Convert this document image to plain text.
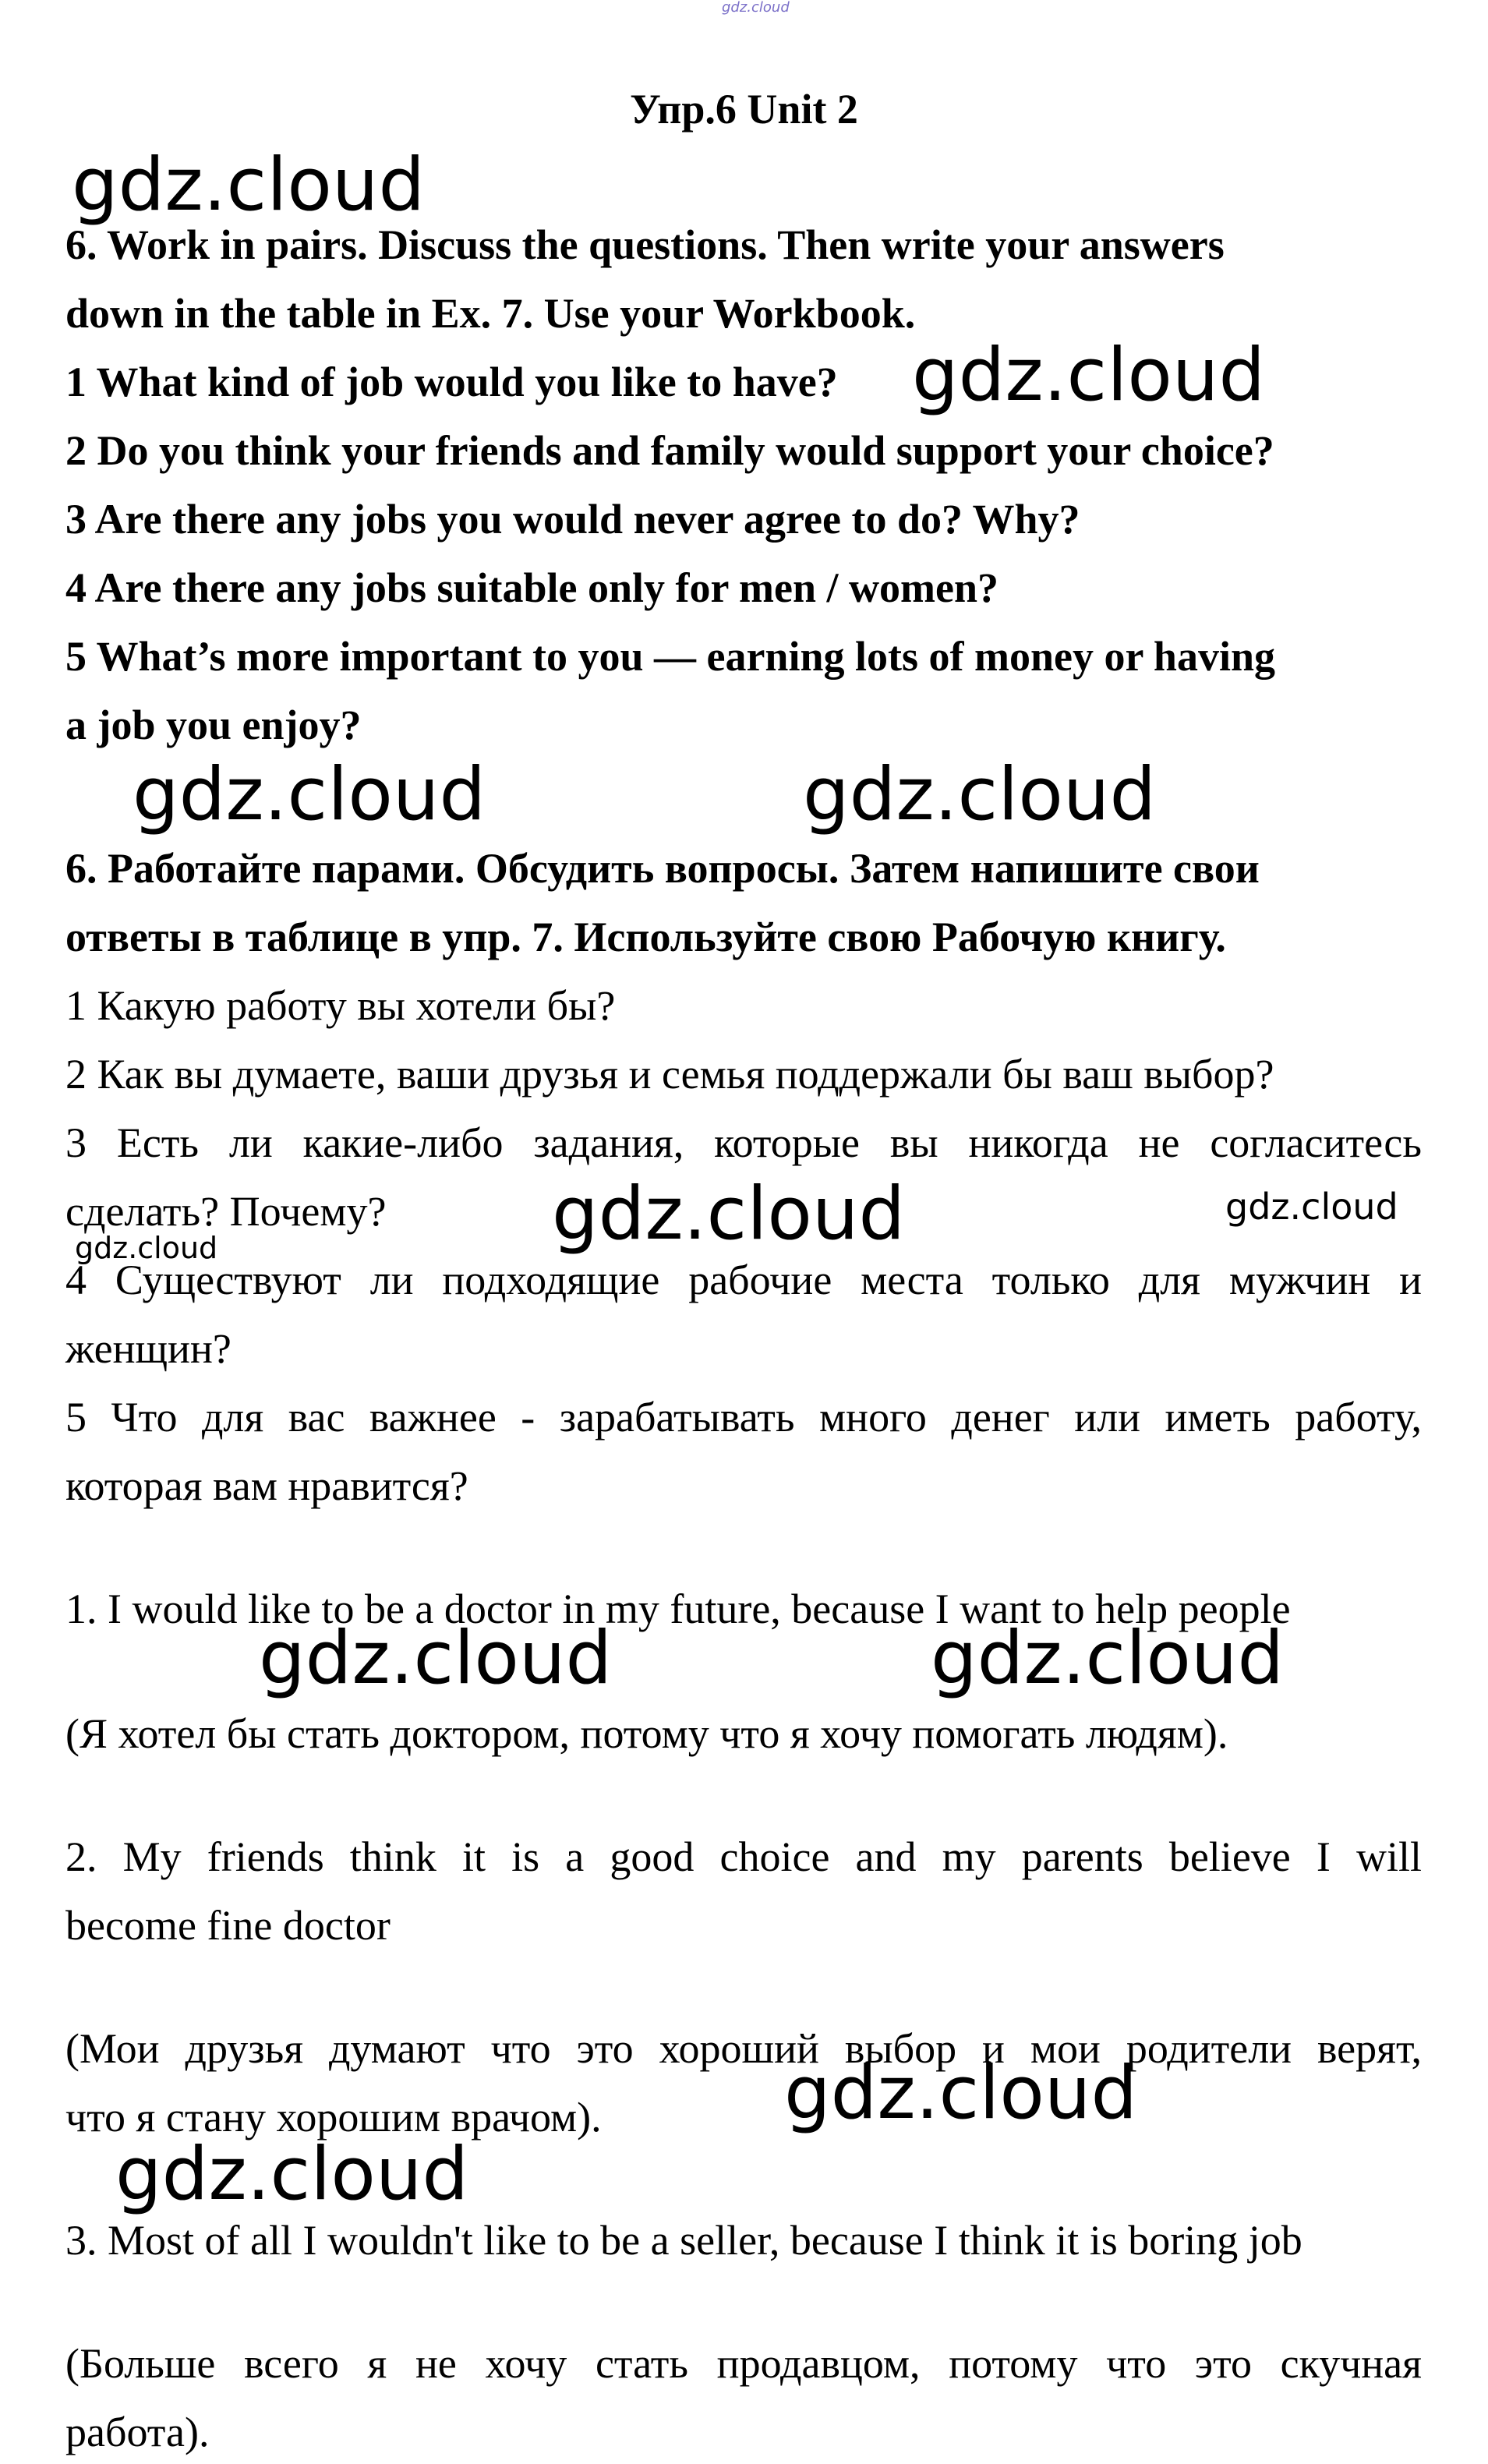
gdz.cloud
Упр.6 Unit 2
6. Work in pairs. Discuss the questions. Then write your answers
down in the table in Ex. 7. Use your Workbook.
1 What kind of job would you like to have?
2 Do you think your friends and family would support your choice?
3 Are there any jobs you would never agree to do? Why?
4 Are there any jobs suitable only for men / women?
5 What’s more important to you — earning lots of money or having
a job you enjoy?
6. Работайте парами. Обсудить вопросы. Затем напишите свои
ответы в таблице в упр. 7. Используйте свою Рабочую книгу.
1 Какую работу вы хотели бы?
2 Как вы думаете, ваши друзья и семья поддержали бы ваш выбор?
3 Есть ли какие-либо задания, которые вы никогда не согласитесь
сделать? Почему?
4 Существуют ли подходящие рабочие места только для мужчин и
женщин?
5 Что для вас важнее - зарабатывать много денег или иметь работу,
которая вам нравится?
1. I would like to be a doctor in my future, because I want to help people
(Я хотел бы стать доктором, потому что я хочу помогать людям).
2. My friends think it is a good choice and my parents believe I will
become fine doctor
(Мои друзья думают что это хороший выбор и мои родители верят,
что я стану хорошим врачом).
3. Most of all I wouldn't like to be a seller, because I think it is boring job
(Больше всего я не хочу стать продавцом, потому что это скучная
работа).
gdz.cloud
gdz.cloud
gdz.cloud	gdz.cloud
gdz.cloud	gdz.cloud
gdz.cloud
gdz.cloud	gdz.cloud
gdz.cloud
gdz.cloud
